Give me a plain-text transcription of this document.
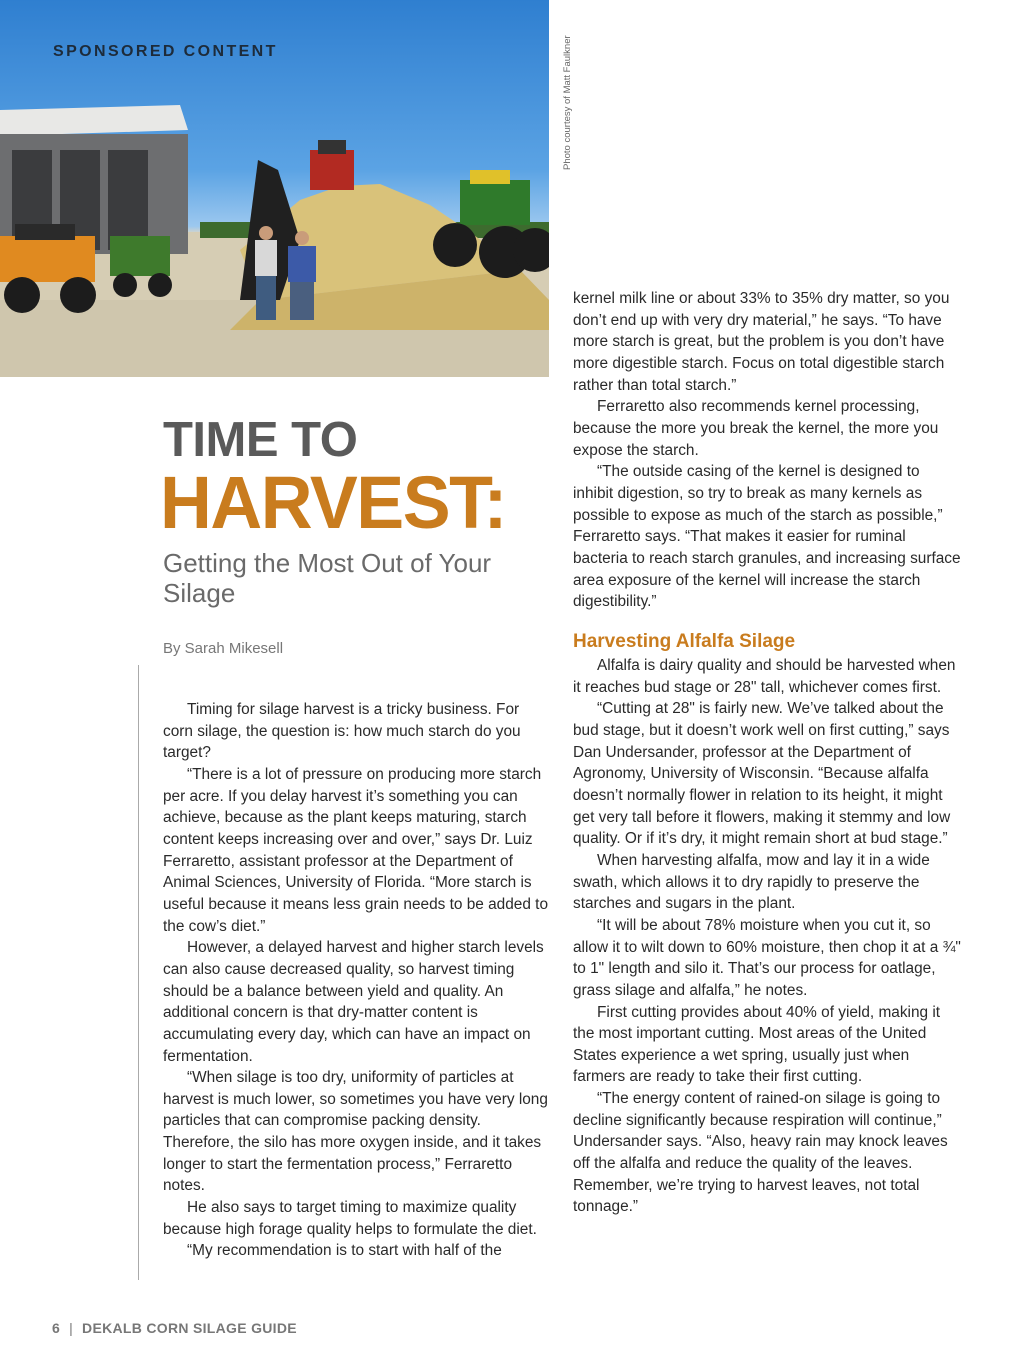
SPONSORED CONTENT	Photo courtesy of Matt Faulkner
TIME TO
HARVEST:
Getting the Most Out of Your Silage
By Sarah Mikesell

Timing for silage harvest is a tricky business. For corn silage, the question is: how much starch do you target?

“There is a lot of pressure on producing more starch per acre. If you delay harvest it’s something you can achieve, because as the plant keeps maturing, starch content keeps increasing over and over,” says Dr. Luiz Ferraretto, assistant professor at the Department of Animal Sciences, University of Florida. “More starch is useful because it means less grain needs to be added to the cow’s diet.”

However, a delayed harvest and higher starch levels can also cause decreased quality, so harvest timing should be a balance between yield and quality. An additional concern is that dry-matter content is accumulating every day, which can have an impact on fermentation.

“When silage is too dry, uniformity of particles at harvest is much lower, so sometimes you have very long particles that can compromise packing density. Therefore, the silo has more oxygen inside, and it takes longer to start the fermentation process,” Ferraretto notes.

He also says to target timing to maximize quality because high forage quality helps to formulate the diet.

“My recommendation is to start with half of the

kernel milk line or about 33% to 35% dry matter, so you don’t end up with very dry material,” he says. “To have more starch is great, but the problem is you don’t have more digestible starch. Focus on total digestible starch rather than total starch.”

Ferraretto also recommends kernel processing, because the more you break the kernel, the more you expose the starch.

“The outside casing of the kernel is designed to inhibit digestion, so try to break as many kernels as possible to expose as much of the starch as possible,” Ferraretto says. “That makes it easier for ruminal bacteria to reach starch granules, and increasing surface area exposure of the kernel will increase the starch digestibility.”

Harvesting Alfalfa Silage

Alfalfa is dairy quality and should be harvested when it reaches bud stage or 28" tall, whichever comes first.

“Cutting at 28" is fairly new. We’ve talked about the bud stage, but it doesn’t work well on first cutting,” says Dan Undersander, professor at the Department of Agronomy, University of Wisconsin. “Because alfalfa doesn’t normally flower in relation to its height, it might get very tall before it flowers, making it stemmy and low quality. Or if it’s dry, it might remain short at bud stage.”

When harvesting alfalfa, mow and lay it in a wide swath, which allows it to dry rapidly to preserve the starches and sugars in the plant.

“It will be about 78% moisture when you cut it, so allow it to wilt down to 60% moisture, then chop it at a ¾" to 1" length and silo it. That’s our process for oatlage, grass silage and alfalfa,” he notes.

First cutting provides about 40% of yield, making it the most important cutting. Most areas of the United States experience a wet spring, usually just when farmers are ready to take their first cutting.

“The energy content of rained-on silage is going to decline significantly because respiration will continue,” Undersander says. “Also, heavy rain may knock leaves off the alfalfa and reduce the quality of the leaves. Remember, we’re trying to harvest leaves, not total tonnage.”

6 | DEKALB CORN SILAGE GUIDE
